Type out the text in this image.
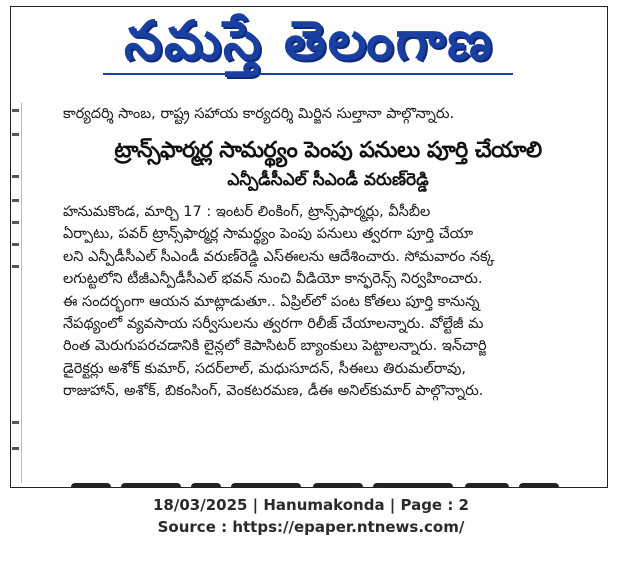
నమస్తే తెలంగాణ
కార్యదర్శి సాంబ, రాష్ట్ర సహాయ కార్యదర్శి మిర్జిన సుల్తానా పాల్గొన్నారు.
ట్రాన్స్‌ఫార్మర్ల సామర్థ్యం పెంపు పనులు పూర్తి చేయాలి
ఎన్పీడీసీఎల్ సీఎండీ వరుణ్‌రెడ్డి
హనుమకొండ, మార్చి 17 : ఇంటర్ లింకింగ్, ట్రాన్స్‌ఫార్మర్లు, వీసీబీల
ఏర్పాటు, పవర్ ట్రాన్స్‌ఫార్మర్ల సామర్థ్యం పెంపు పనులు త్వరగా పూర్తి చేయా
లని ఎన్పీడీసీఎల్ సీఎండీ వరుణ్‌రెడ్డి ఎస్‌ఈలను ఆదేశించారు. సోమవారం నక్క
లగుట్టలోని టీజీఎన్పీడీసీఎల్ భవన్ నుంచి వీడియో కాన్ఫరెన్స్ నిర్వహించారు.
ఈ సందర్భంగా ఆయన మాట్లాడుతూ.. ఏప్రిల్‌లో పంట కోతలు పూర్తి కానున్న
నేపథ్యంలో వ్యవసాయ సర్వీసులను త్వరగా రిలీజ్ చేయాలన్నారు. వోల్టేజీ మ
రింత మెరుగుపరచడానికి లైన్లలో కెపాసిటర్ బ్యాంకులు పెట్టాలన్నారు. ఇన్‌చార్జి
డైరెక్టర్లు అశోక్ కుమార్, సదర్‌లాల్, మధుసూదన్, సీఈలు తిరుమల్‌రావు,
రాజుహాన్, అశోక్, బికంసింగ్, వెంకటరమణ, డీఈ అనిల్‌కుమార్ పాల్గొన్నారు.
18/03/2025 | Hanumakonda | Page : 2
Source : https://epaper.ntnews.com/
